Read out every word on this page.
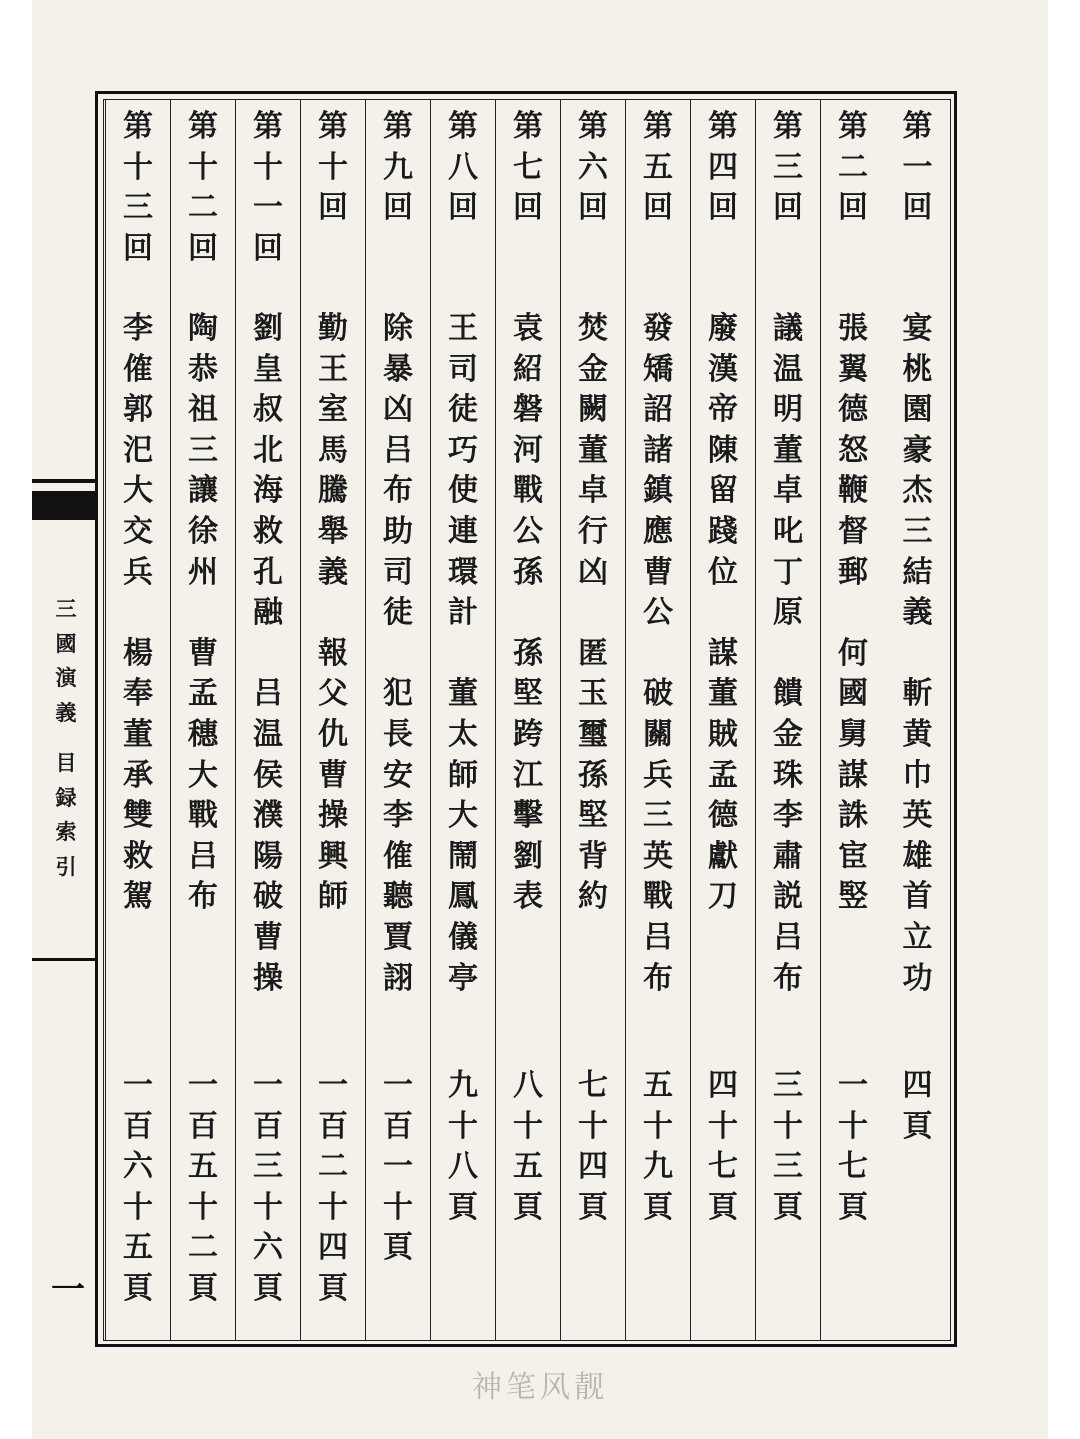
三
國
演
義
目
録
索
引
一
第
一
回
宴
桃
園
豪
杰
三
結
義
斬
黄
巾
英
雄
首
立
功
四
頁
第
二
回
張
翼
德
怒
鞭
督
郵
何
國
舅
謀
誅
宦
竪
一
十
七
頁
第
三
回
議
温
明
董
卓
叱
丁
原
饋
金
珠
李
肅
説
吕
布
三
十
三
頁
第
四
回
廢
漢
帝
陳
留
踐
位
謀
董
賊
孟
德
獻
刀
四
十
七
頁
第
五
回
發
矯
詔
諸
鎮
應
曹
公
破
關
兵
三
英
戰
吕
布
五
十
九
頁
第
六
回
焚
金
闕
董
卓
行
凶
匿
玉
璽
孫
堅
背
約
七
十
四
頁
第
七
回
袁
紹
磐
河
戰
公
孫
孫
堅
跨
江
擊
劉
表
八
十
五
頁
第
八
回
王
司
徒
巧
使
連
環
計
董
太
師
大
鬧
鳳
儀
亭
九
十
八
頁
第
九
回
除
暴
凶
吕
布
助
司
徒
犯
長
安
李
傕
聽
賈
詡
一
百
一
十
頁
第
十
回
勤
王
室
馬
騰
舉
義
報
父
仇
曹
操
興
師
一
百
二
十
四
頁
第
十
一
回
劉
皇
叔
北
海
救
孔
融
吕
温
侯
濮
陽
破
曹
操
一
百
三
十
六
頁
第
十
二
回
陶
恭
祖
三
讓
徐
州
曹
孟
穗
大
戰
吕
布
一
百
五
十
二
頁
第
十
三
回
李
傕
郭
汜
大
交
兵
楊
奉
董
承
雙
救
駕
一
百
六
十
五
頁
神笔风靓
